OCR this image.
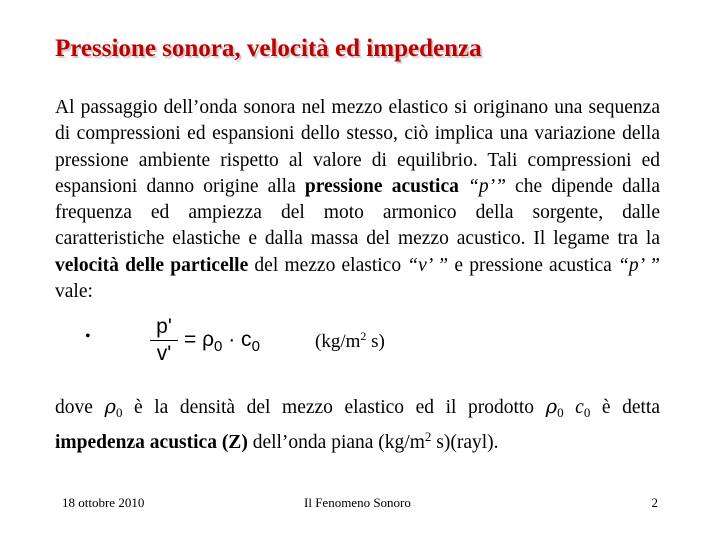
Pressione sonora, velocità ed impedenza

Al passaggio dell’onda sonora nel mezzo elastico si originano una sequenza di compressioni ed espansioni dello stesso, ciò implica una variazione della pressione ambiente rispetto al valore di equilibrio. Tali compressioni ed espansioni danno origine alla pressione acustica “p’” che dipende dalla frequenza ed ampiezza del moto armonico della sorgente, dalle caratteristiche elastiche e dalla massa del mezzo acustico. Il legame tra la velocità delle particelle del mezzo elastico “v’ ” e pressione acustica “p’ ” vale:

•	p'
v'
= $\rho_0 \cdot c_0$	($kg/m^2$ s)

dove $\rho_0$ è la densità del mezzo elastico ed il prodotto $\rho_0$ $c_0$ è detta impedenza acustica (Z) dell’onda piana ($kg/m^2$ s)(rayl).

18 ottobre 2010	Il Fenomeno Sonoro	2
